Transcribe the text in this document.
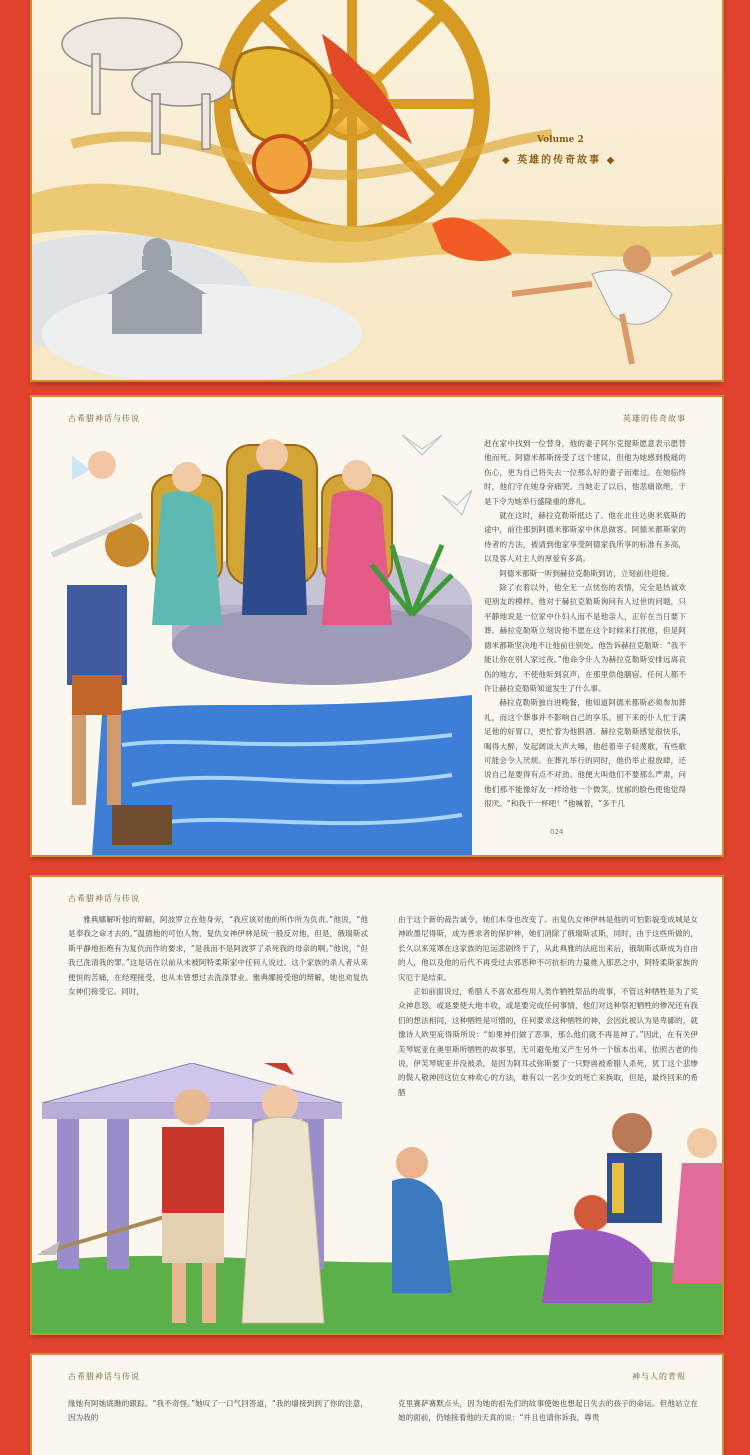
Volume 2
◆ 英雄的传奇故事 ◆
古希腊神话与传说	英雄的传奇故事

赶在家中找到一位替身，他的妻子阿尔克提斯愿意表示愿替他而死。阿德米都斯接受了这个建议，但他为她感到极痛的伤心，更为自己将失去一位那么好的妻子而难过。在她临终时，他们守在她身旁痛哭。当她走了以后，他悲痛欲绝，于是下令为她举行盛隆重的葬礼。

就在这时，赫拉克勒斯抵达了。他在北往达奥米底斯的途中，前往那到阿德米都斯家中休息做客。阿德米都斯家的侍者的方法，被请到他家享受阿德家我所享的标准有多高，以及客人对主人的厚爱有多高。

阿德米都斯一听到赫拉克勒斯到访，立刻前往迎接。

除了衣着以外，他全无一点忧伤的表情，完全是热诚欢迎朋友的模样。他对于赫拉克勒斯询问有人过世的问题，只平静地说是一位家中仆妇人而不是他亲人，正好在当日要下葬。赫拉克勒斯立刻说他不愿在这个时候来打扰他，但是阿德米都斯坚决地不让他前往别处。他告诉赫拉克勒斯：“我不能让你在别人家过夜。”他命令仆人为赫拉克勒斯安排远离哀伤的地方，不使他听到哀声，在那里供他膳宿。任何人都不许让赫拉克勒斯知道发生了什么事。

赫拉克勒斯独自进晚餐，他知道阿德米都斯必须参加葬礼，而这个葬事并不影响自己的享乐。留下来的仆人忙于满足他的好胃口，更忙着为他斟酒。赫拉克勒斯感觉很快乐，喝得大醉，发起阔谈大声大嗓，他赶着牵子轻蔑歌，有些歌可能会令人厌烦。在葬礼举行的同时，他仍举止很放肆，还说自己是要得有点不对劲。他便大叫他们不要那么严肃，问他们那不能像好友一样给他一个微笑，忧郁的脸色使他觉得很厌。“和我干一杯吧！”他喊着，“多干几

024
古希腊神话与传说

雅典娜解听他的辩解，阿波罗立在他身旁，“我应该对他的所作所为负责。”他说，“他是奉我之命才去的。”温德他的可怕人物，复仇女神伊林是统一般反对他，但是，俄瑞斯忒斯平静地拒绝有为复仇而作的要求，“是我而不是阿波罗了杀死我的母亲的啊。”他说，“但我已洗清我的罪。”这是话在以前从未被阿特柔斯家中任何人说过。这个家族的杀人者从来便恒的苦痛，在经理接受，也从未曾想过去洗涤罪业。雅典娜接受他的辩解，她也劝复仇女神们接受它。同时，

由于这个新的裁告诚令，她们本身也改变了。由复仇女神伊林是他的可怕影貌变成城是女神欧墨尼得斯，成为善求者的保护神，她们消除了俄瑞斯忒斯，同时，由于这些所做的，长久以来笼罩在这家族的厄运悲剧终于了，从此典雅的法庭出来后，俄瑞斯忒斯成为自由的人，他以及他的后代不再受过去邪恶种不可抗拒的力量推入那恶之中，阿特柔斯家族的灾厄于是结束。

正如前面说过，希腊人不喜欢那些用人类作牺牲祭品的故事，不管这种牺牲是为了奖众神息怒，或是要使大地丰收，或是要完成任何事情，他们对这种祭祀牺牲的惨况还有我们的想法相同，这种牺牲是可憎的，任何要求这种牺牲的神，会因此被认为是卑鄙的，就像诗人欧里庇得斯所说：“如果神们做了恶事，那么他们就不再是神了。”因此，在有关伊芙琴妮亚在奥里斯所牺牲的故事里，无可避免地又产生另外一个版本出来，依照古老的传说，伊芙琴妮亚并没被杀，是因为阿耳忒弥斯要了一只野兽被希腊人杀死，犹丁这个悲惨的鬓人敬神回这位女神欢心的方法，难有以一名少女的死亡来换取，但是，最终回来的希腊

古希腊神话与传说	神与人的背叛
缘她有阿她底瞧的跟踪。“我不奇怪。”她叹了一口气回答道，“我的墙接到到了你的注意，因为我的
克里赛萨赛默点头，因为她的祖先们的故事使她也想起日失去的孩子的命运。但他站立在她的面前，仍她接着他的天真的说：“并且也请你诉我，尊贵
